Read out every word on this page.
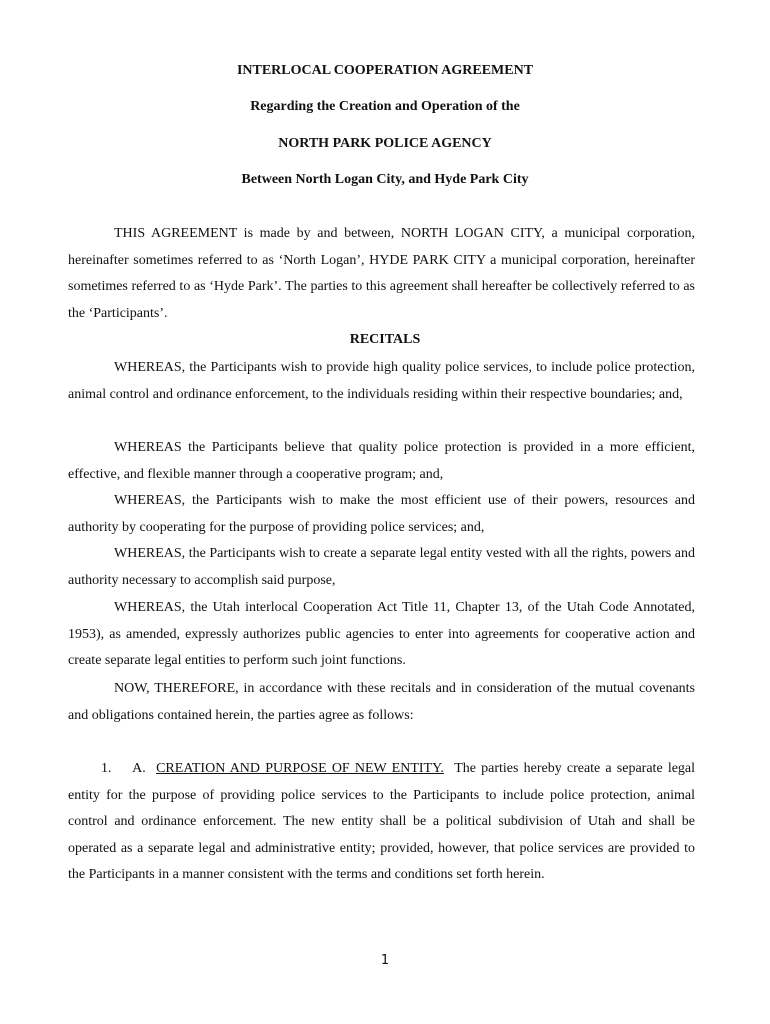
INTERLOCAL COOPERATION AGREEMENT

Regarding the Creation and Operation of the

NORTH PARK POLICE AGENCY

Between North Logan City, and Hyde Park City

THIS AGREEMENT is made by and between, NORTH LOGAN CITY, a municipal corporation, hereinafter sometimes referred to as ‘North Logan’, HYDE PARK CITY a municipal corporation, hereinafter sometimes referred to as ‘Hyde Park’. The parties to this agreement shall hereafter be collectively referred to as the ‘Participants’.

RECITALS

WHEREAS, the Participants wish to provide high quality police services, to include police protection, animal control and ordinance enforcement, to the individuals residing within their respective boundaries; and,

WHEREAS the Participants believe that quality police protection is provided in a more efficient, effective, and flexible manner through a cooperative program; and,

WHEREAS, the Participants wish to make the most efficient use of their powers, resources and authority by cooperating for the purpose of providing police services; and,

WHEREAS, the Participants wish to create a separate legal entity vested with all the rights, powers and authority necessary to accomplish said purpose,

WHEREAS, the Utah interlocal Cooperation Act Title 11, Chapter 13, of the Utah Code Annotated, 1953), as amended, expressly authorizes public agencies to enter into agreements for cooperative action and create separate legal entities to perform such joint functions.

NOW, THEREFORE, in accordance with these recitals and in consideration of the mutual covenants and obligations contained herein, the parties agree as follows:

1. A. CREATION AND PURPOSE OF NEW ENTITY. The parties hereby create a separate legal entity for the purpose of providing police services to the Participants to include police protection, animal control and ordinance enforcement. The new entity shall be a political subdivision of Utah and shall be operated as a separate legal and administrative entity; provided, however, that police services are provided to the Participants in a manner consistent with the terms and conditions set forth herein.

1
